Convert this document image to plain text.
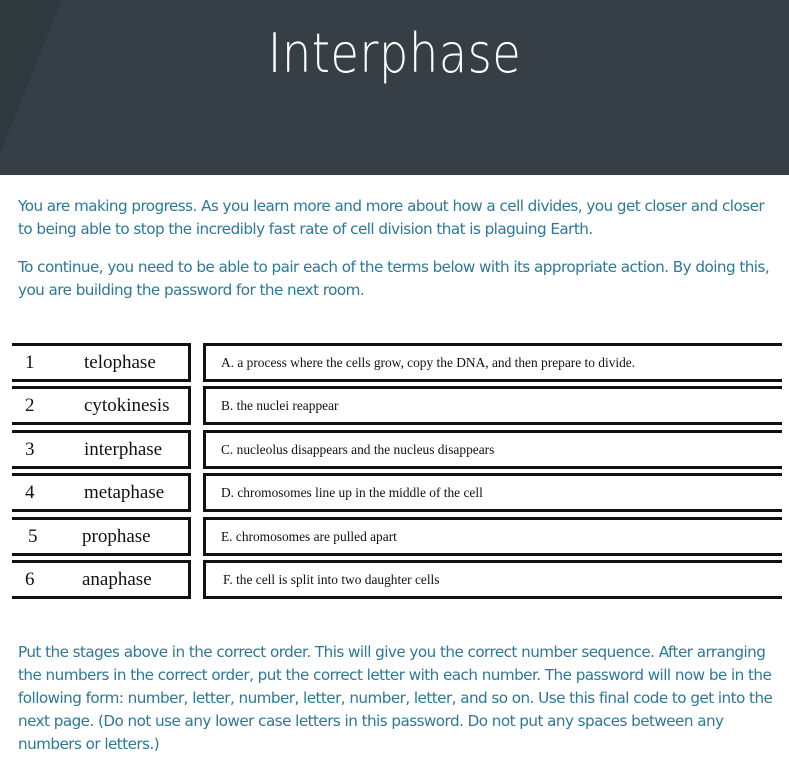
Interphase

You are making progress. As you learn more and more about how a cell divides, you get closer and closer to being able to stop the incredibly fast rate of cell division that is plaguing Earth.

To continue, you need to be able to pair each of the terms below with its appropriate action. By doing this, you are building the password for the next room.

1	telophase	A. a process where the cells grow, copy the DNA, and then prepare to divide.
2	cytokinesis	B. the nuclei reappear
3	interphase	C. nucleolus disappears and the nucleus disappears
4	metaphase	D. chromosomes line up in the middle of the cell
5 prophase	E. chromosomes are pulled apart
6	anaphase	F. the cell is split into two daughter cells

Put the stages above in the correct order. This will give you the correct number sequence. After arranging the numbers in the correct order, put the correct letter with each number. The password will now be in the following form: number, letter, number, letter, number, letter, and so on. Use this final code to get into the next page. (Do not use any lower case letters in this password. Do not put any spaces between any numbers or letters.)
